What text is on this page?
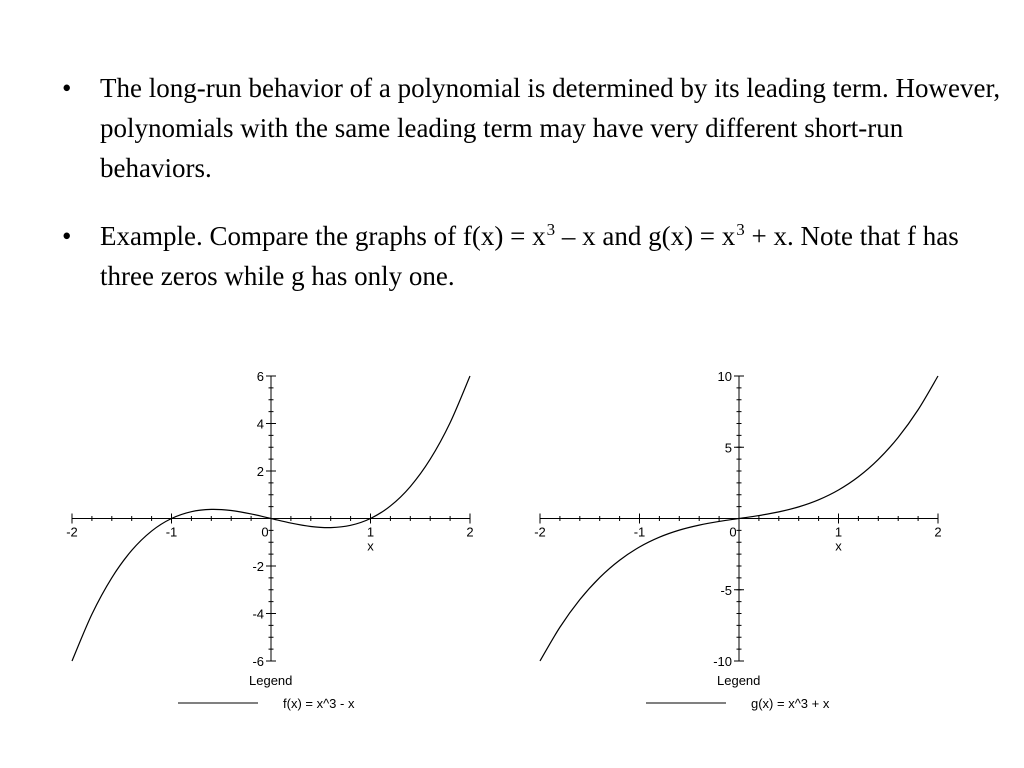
• The long-run behavior of a polynomial is determined by its leading term. However, polynomials with the same leading term may have very different short-run behaviors.
• Example. Compare the graphs of $f(x) = x^3 - x$ and $g(x) = x^3 + x$. Note that f has three zeros while g has only one.
-2	-1	0	1	2
6
4
2
-2
-4
-6
x
Legend
f(x) = x^3 - x
-2	-1	0	1	2
10
5
-5
-10
x
Legend
g(x) = x^3 + x
